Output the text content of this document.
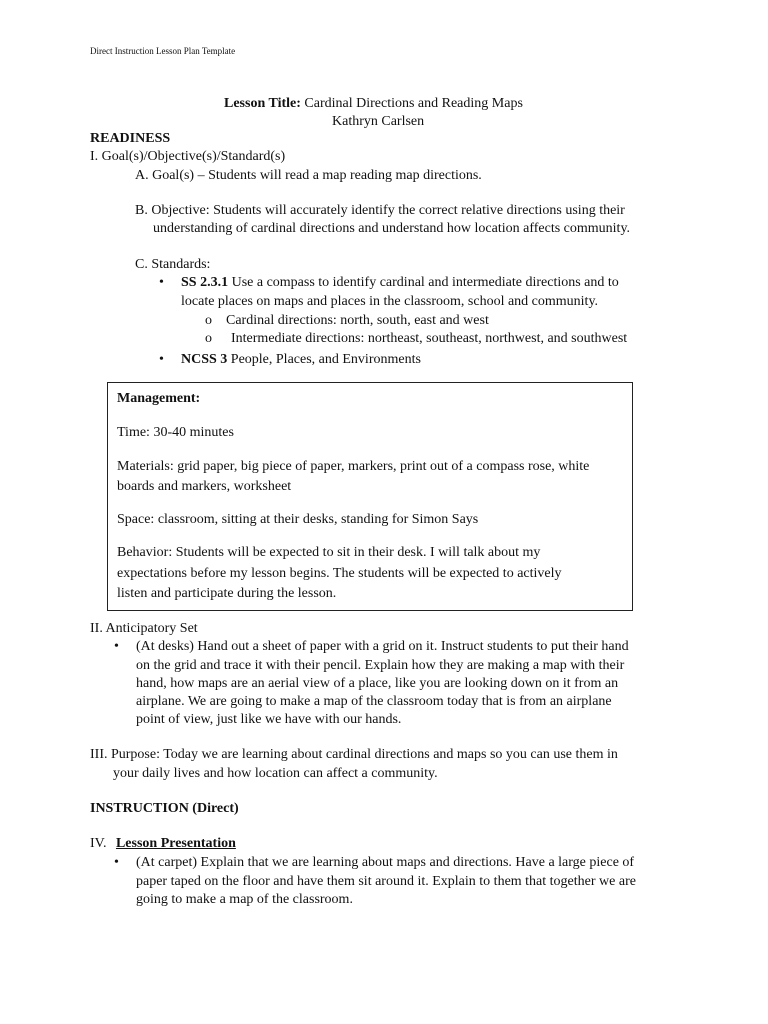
Direct Instruction Lesson Plan Template
Lesson Title: Cardinal Directions and Reading Maps
Kathryn Carlsen
READINESS
I. Goal(s)/Objective(s)/Standard(s)
A. Goal(s) – Students will read a map reading map directions.
B. Objective: Students will accurately identify the correct relative directions using their
understanding of cardinal directions and understand how location affects community.
C. Standards:
• SS 2.3.1 Use a compass to identify cardinal and intermediate directions and to
locate places on maps and places in the classroom, school and community.
o Cardinal directions: north, south, east and west
o Intermediate directions: northeast, southeast, northwest, and southwest
• NCSS 3 People, Places, and Environments
Management:
Time: 30-40 minutes
Materials: grid paper, big piece of paper, markers, print out of a compass rose, white
boards and markers, worksheet
Space: classroom, sitting at their desks, standing for Simon Says
Behavior: Students will be expected to sit in their desk. I will talk about my
expectations before my lesson begins. The students will be expected to actively
listen and participate during the lesson.
II. Anticipatory Set
• (At desks) Hand out a sheet of paper with a grid on it. Instruct students to put their hand
on the grid and trace it with their pencil. Explain how they are making a map with their
hand, how maps are an aerial view of a place, like you are looking down on it from an
airplane. We are going to make a map of the classroom today that is from an airplane
point of view, just like we have with our hands.
III. Purpose: Today we are learning about cardinal directions and maps so you can use them in
your daily lives and how location can affect a community.
INSTRUCTION (Direct)
IV. Lesson Presentation
• (At carpet) Explain that we are learning about maps and directions. Have a large piece of
paper taped on the floor and have them sit around it. Explain to them that together we are
going to make a map of the classroom.
